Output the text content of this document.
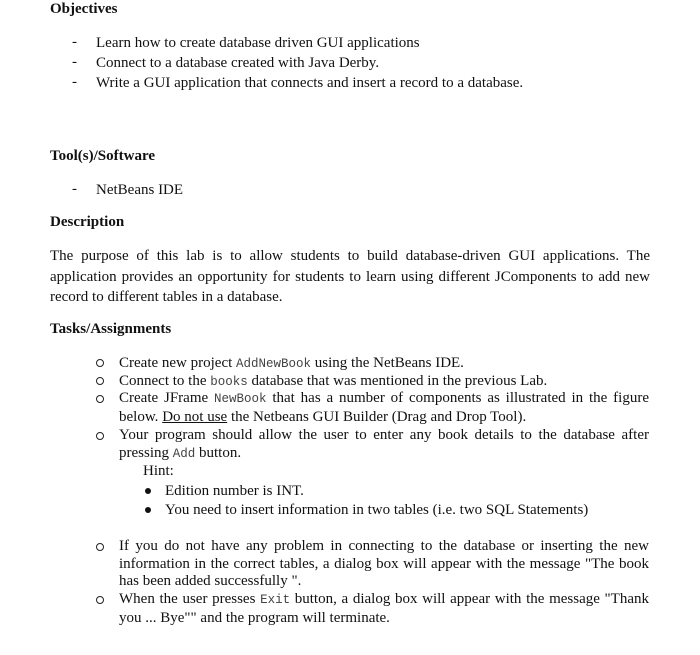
Objectives
- Learn how to create database driven GUI applications
- Connect to a database created with Java Derby.
- Write a GUI application that connects and insert a record to a database.
Tool(s)/Software
- NetBeans IDE
Description
The purpose of this lab is to allow students to build database-driven GUI applications. The application provides an opportunity for students to learn using different JComponents to add new record to different tables in a database.
Tasks/Assignments
Create new project AddNewBook using the NetBeans IDE.
Connect to the books database that was mentioned in the previous Lab.
Create JFrame NewBook that has a number of components as illustrated in the figure below. Do not use the Netbeans GUI Builder (Drag and Drop Tool).
Your program should allow the user to enter any book details to the database after pressing Add button.
Hint:
Edition number is INT.
You need to insert information in two tables (i.e. two SQL Statements)
If you do not have any problem in connecting to the database or inserting the new information in the correct tables, a dialog box will appear with the message "The book has been added successfully ".
When the user presses Exit button, a dialog box will appear with the message "Thank you ... Bye"" and the program will terminate.
